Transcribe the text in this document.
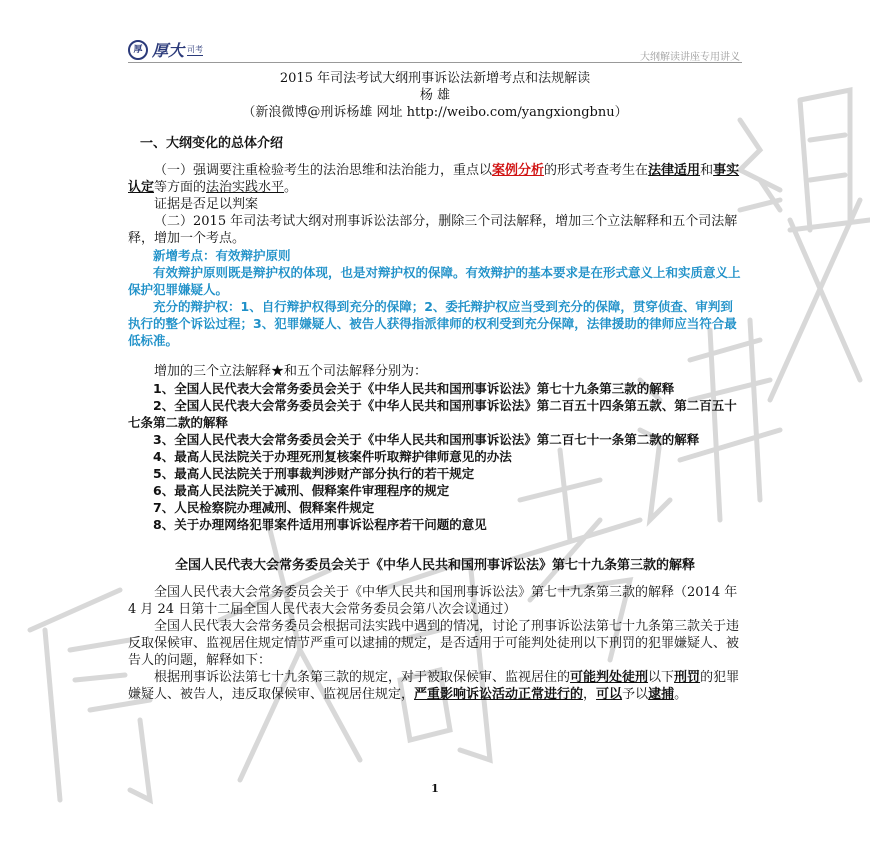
厚 厚大 司考
大纲解读讲座专用讲义
2015 年司法考试大纲刑事诉讼法新增考点和法规解读
杨 雄
（新浪微博@刑诉杨雄 网址 http://weibo.com/yangxiongbnu）
一、大纲变化的总体介绍
（一）强调要注重检验考生的法治思维和法治能力，重点以案例分析的形式考查考生在法律适用和事实认定等方面的法治实践水平。
证据是否足以判案
（二）2015 年司法考试大纲对刑事诉讼法部分，删除三个司法解释，增加三个立法解释和五个司法解释，增加一个考点。
新增考点：有效辩护原则
有效辩护原则既是辩护权的体现，也是对辩护权的保障。有效辩护的基本要求是在形式意义上和实质意义上保护犯罪嫌疑人。
充分的辩护权：1、自行辩护权得到充分的保障；2、委托辩护权应当受到充分的保障，贯穿侦查、审判到执行的整个诉讼过程；3、犯罪嫌疑人、被告人获得指派律师的权利受到充分保障，法律援助的律师应当符合最低标准。
增加的三个立法解释★和五个司法解释分别为：
1、全国人民代表大会常务委员会关于《中华人民共和国刑事诉讼法》第七十九条第三款的解释
2、全国人民代表大会常务委员会关于《中华人民共和国刑事诉讼法》第二百五十四条第五款、第二百五十七条第二款的解释
3、全国人民代表大会常务委员会关于《中华人民共和国刑事诉讼法》第二百七十一条第二款的解释
4、最高人民法院关于办理死刑复核案件听取辩护律师意见的办法
5、最高人民法院关于刑事裁判涉财产部分执行的若干规定
6、最高人民法院关于减刑、假释案件审理程序的规定
7、人民检察院办理减刑、假释案件规定
8、关于办理网络犯罪案件适用刑事诉讼程序若干问题的意见
全国人民代表大会常务委员会关于《中华人民共和国刑事诉讼法》第七十九条第三款的解释
全国人民代表大会常务委员会关于《中华人民共和国刑事诉讼法》第七十九条第三款的解释（2014 年 4 月 24 日第十二届全国人民代表大会常务委员会第八次会议通过）
全国人民代表大会常务委员会根据司法实践中遇到的情况，讨论了刑事诉讼法第七十九条第三款关于违反取保候审、监视居住规定情节严重可以逮捕的规定，是否适用于可能判处徒刑以下刑罚的犯罪嫌疑人、被告人的问题，解释如下：
根据刑事诉讼法第七十九条第三款的规定，对于被取保候审、监视居住的可能判处徒刑以下刑罚的犯罪嫌疑人、被告人，违反取保候审、监视居住规定，严重影响诉讼活动正常进行的，可以予以逮捕。
1
